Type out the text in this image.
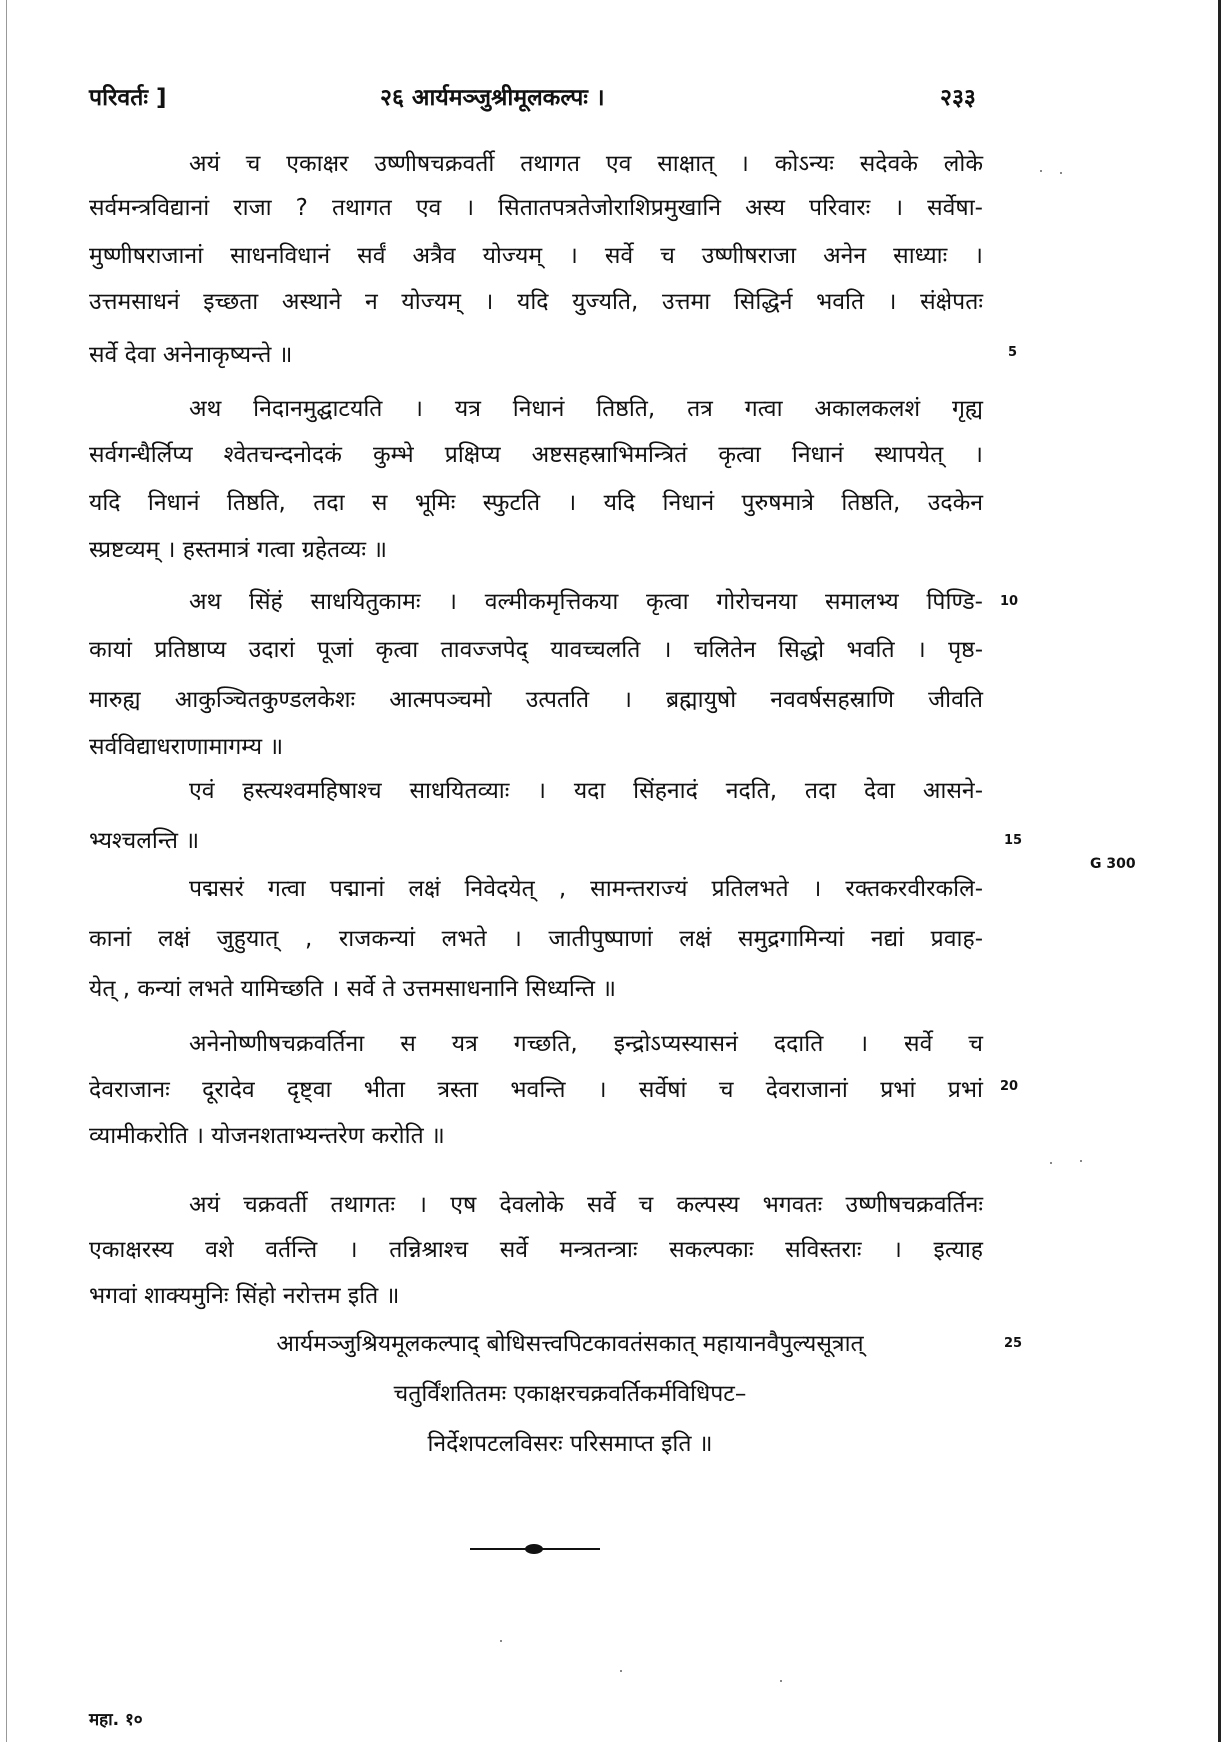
परिवर्तः ]	२६ आर्यमञ्जुश्रीमूलकल्पः ।	२३३
अयं च एकाक्षर उष्णीषचक्रवर्ती तथागत एव साक्षात् । कोऽन्यः सदेवके लोके
सर्वमन्त्रविद्यानां राजा ? तथागत एव । सितातपत्रतेजोराशिप्रमुखानि अस्य परिवारः । सर्वेषा-
मुष्णीषराजानां साधनविधानं सर्वं अत्रैव योज्यम् । सर्वे च उष्णीषराजा अनेन साध्याः ।
उत्तमसाधनं इच्छता अस्थाने न योज्यम् । यदि युज्यति, उत्तमा सिद्धिर्न भवति । संक्षेपतः
सर्वे देवा अनेनाकृष्यन्ते ॥
अथ निदानमुद्घाटयति । यत्र निधानं तिष्ठति, तत्र गत्वा अकालकलशं गृह्य
सर्वगन्धैर्लिप्य श्वेतचन्दनोदकं कुम्भे प्रक्षिप्य अष्टसहस्राभिमन्त्रितं कृत्वा निधानं स्थापयेत् ।
यदि निधानं तिष्ठति, तदा स भूमिः स्फुटति । यदि निधानं पुरुषमात्रे तिष्ठति, उदकेन
स्प्रष्टव्यम् । हस्तमात्रं गत्वा ग्रहेतव्यः ॥
अथ सिंहं साधयितुकामः । वल्मीकमृत्तिकया कृत्वा गोरोचनया समालभ्य पिण्डि-
कायां प्रतिष्ठाप्य उदारां पूजां कृत्वा तावज्जपेद् यावच्चलति । चलितेन सिद्धो भवति । पृष्ठ-
मारुह्य आकुञ्चितकुण्डलकेशः आत्मपञ्चमो उत्पतति । ब्रह्मायुषो नववर्षसहस्राणि जीवति
सर्वविद्याधराणामागम्य ॥
एवं हस्त्यश्वमहिषाश्च साधयितव्याः । यदा सिंहनादं नदति, तदा देवा आसने-
भ्यश्चलन्ति ॥
पद्मसरं गत्वा पद्मानां लक्षं निवेदयेत् , सामन्तराज्यं प्रतिलभते । रक्तकरवीरकलि-
कानां लक्षं जुहुयात् , राजकन्यां लभते । जातीपुष्पाणां लक्षं समुद्रगामिन्यां नद्यां प्रवाह-
येत् , कन्यां लभते यामिच्छति । सर्वे ते उत्तमसाधनानि सिध्यन्ति ॥
अनेनोष्णीषचक्रवर्तिना स यत्र गच्छति, इन्द्रोऽप्यस्यासनं ददाति । सर्वे च
देवराजानः दूरादेव दृष्ट्वा भीता त्रस्ता भवन्ति । सर्वेषां च देवराजानां प्रभां प्रभां
व्यामीकरोति । योजनशताभ्यन्तरेण करोति ॥
अयं चक्रवर्ती तथागतः । एष देवलोके सर्वे च कल्पस्य भगवतः उष्णीषचक्रवर्तिनः
एकाक्षरस्य वशे वर्तन्ति । तन्निश्राश्च सर्वे मन्त्रतन्त्राः सकल्पकाः सविस्तराः । इत्याह
भगवां शाक्यमुनिः सिंहो नरोत्तम इति ॥
आर्यमञ्जुश्रियमूलकल्पाद् बोधिसत्त्वपिटकावतंसकात् महायानवैपुल्यसूत्रात्
चतुर्विंशतितमः एकाक्षरचक्रवर्तिकर्मविधिपट–
निर्देशपटलविसरः परिसमाप्त इति ॥
5
10
15
20
25
G 300
महा. १०
